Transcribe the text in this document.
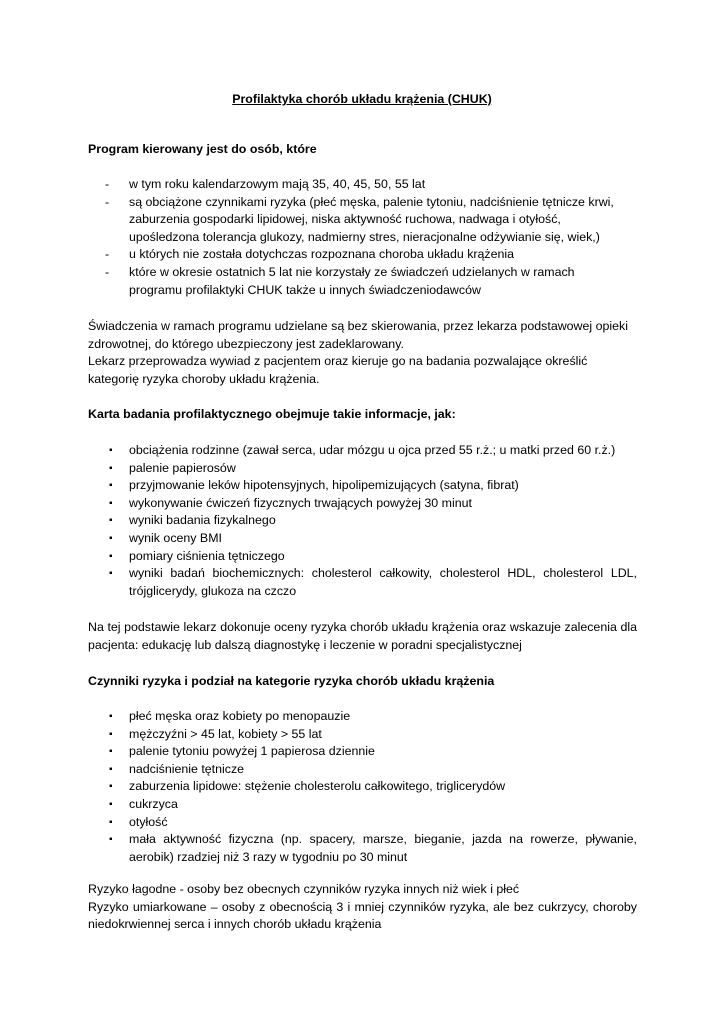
Profilaktyka chorób układu krążenia (CHUK)

Program kierowany jest do osób, które

- w tym roku kalendarzowym mają 35, 40, 45, 50, 55 lat
- są obciążone czynnikami ryzyka (płeć męska, palenie tytoniu, nadciśnienie tętnicze krwi, zaburzenia gospodarki lipidowej, niska aktywność ruchowa, nadwaga i otyłość, upośledzona tolerancja glukozy, nadmierny stres, nieracjonalne odżywianie się, wiek,)
- u których nie została dotychczas rozpoznana choroba układu krążenia
- które w okresie ostatnich 5 lat nie korzystały ze świadczeń udzielanych w ramach programu profilaktyki CHUK także u innych świadczeniodawców

Świadczenia w ramach programu udzielane są bez skierowania, przez lekarza podstawowej opieki zdrowotnej, do którego ubezpieczony jest zadeklarowany.

Lekarz przeprowadza wywiad z pacjentem oraz kieruje go na badania pozwalające określić kategorię ryzyka choroby układu krążenia.

Karta badania profilaktycznego obejmuje takie informacje, jak:

▪ obciążenia rodzinne (zawał serca, udar mózgu u ojca przed 55 r.ż.; u matki przed 60 r.ż.)
▪ palenie papierosów
▪ przyjmowanie leków hipotensyjnych, hipolipemizujących (satyna, fibrat)
▪ wykonywanie ćwiczeń fizycznych trwających powyżej 30 minut
▪ wyniki badania fizykalnego
▪ wynik oceny BMI
▪ pomiary ciśnienia tętniczego
▪ wyniki badań biochemicznych: cholesterol całkowity, cholesterol HDL, cholesterol LDL, trójglicerydy, glukoza na czczo

Na tej podstawie lekarz dokonuje oceny ryzyka chorób układu krążenia oraz wskazuje zalecenia dla pacjenta: edukację lub dalszą diagnostykę i leczenie w poradni specjalistycznej

Czynniki ryzyka i podział na kategorie ryzyka chorób układu krążenia

▪ płeć męska oraz kobiety po menopauzie
▪ mężczyźni > 45 lat, kobiety > 55 lat
▪ palenie tytoniu powyżej 1 papierosa dziennie
▪ nadciśnienie tętnicze
▪ zaburzenia lipidowe: stężenie cholesterolu całkowitego, triglicerydów
▪ cukrzyca
▪ otyłość
▪ mała aktywność fizyczna (np. spacery, marsze, bieganie, jazda na rowerze, pływanie, aerobik) rzadziej niż 3 razy w tygodniu po 30 minut

Ryzyko łagodne - osoby bez obecnych czynników ryzyka innych niż wiek i płeć

Ryzyko umiarkowane – osoby z obecnością 3 i mniej czynników ryzyka, ale bez cukrzycy, choroby niedokrwiennej serca i innych chorób układu krążenia
